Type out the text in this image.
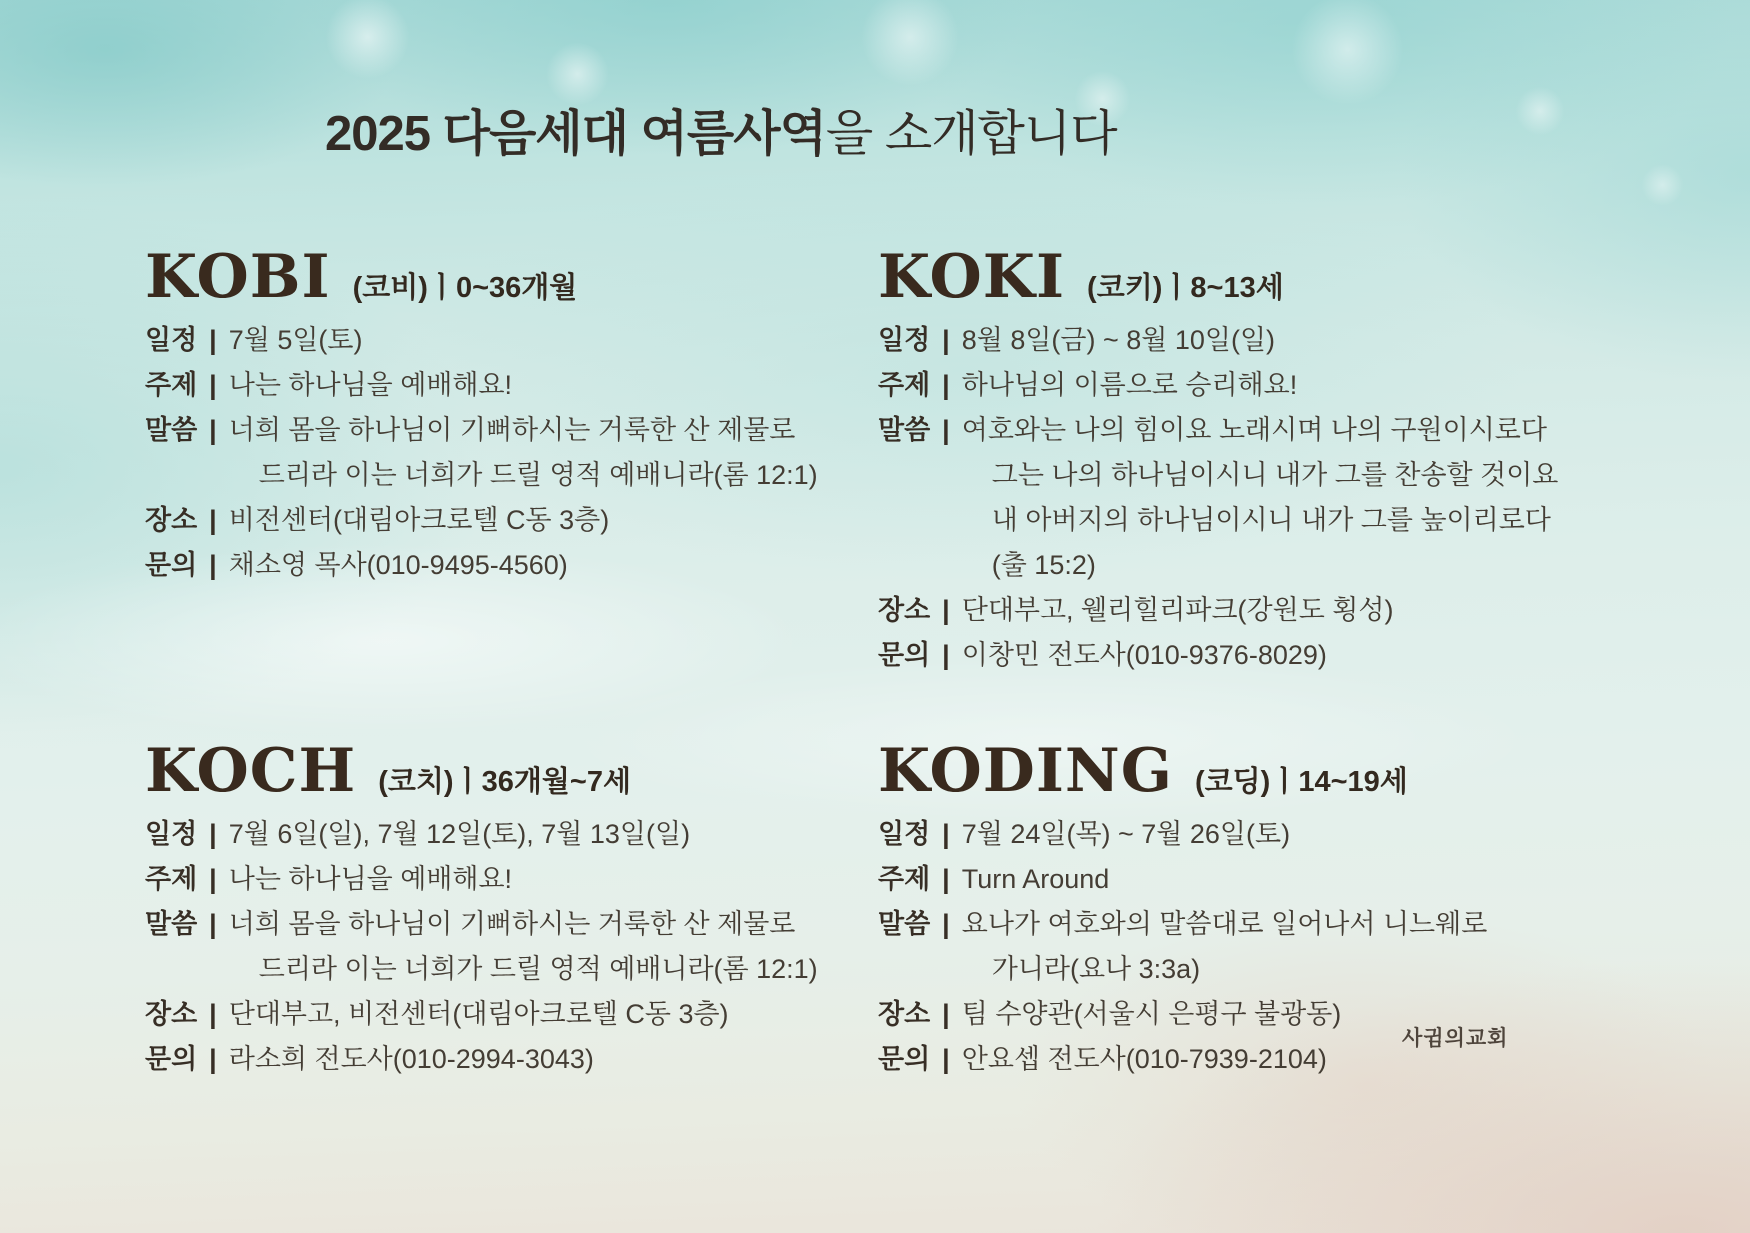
2025 다음세대 여름사역을 소개합니다
KOBI (코비)ㅣ0~36개월
일정 | 7월 5일(토)
주제 | 나는 하나님을 예배해요!
말씀 | 너희 몸을 하나님이 기뻐하시는 거룩한 산 제물로
드리라 이는 너희가 드릴 영적 예배니라(롬 12:1)
장소 | 비전센터(대림아크로텔 C동 3층)
문의 | 채소영 목사(010-9495-4560)
KOKI (코키)ㅣ8~13세
일정 | 8월 8일(금) ~ 8월 10일(일)
주제 | 하나님의 이름으로 승리해요!
말씀 | 여호와는 나의 힘이요 노래시며 나의 구원이시로다
그는 나의 하나님이시니 내가 그를 찬송할 것이요
내 아버지의 하나님이시니 내가 그를 높이리로다
(출 15:2)
장소 | 단대부고, 웰리힐리파크(강원도 횡성)
문의 | 이창민 전도사(010-9376-8029)
KOCH (코치)ㅣ36개월~7세
일정 | 7월 6일(일), 7월 12일(토), 7월 13일(일)
주제 | 나는 하나님을 예배해요!
말씀 | 너희 몸을 하나님이 기뻐하시는 거룩한 산 제물로
드리라 이는 너희가 드릴 영적 예배니라(롬 12:1)
장소 | 단대부고, 비전센터(대림아크로텔 C동 3층)
문의 | 라소희 전도사(010-2994-3043)
KODING (코딩)ㅣ14~19세
일정 | 7월 24일(목) ~ 7월 26일(토)
주제 | Turn Around
말씀 | 요나가 여호와의 말씀대로 일어나서 니느웨로
가니라(요나 3:3a)
장소 | 팀 수양관(서울시 은평구 불광동)
문의 | 안요셉 전도사(010-7939-2104)
사귐의교회
